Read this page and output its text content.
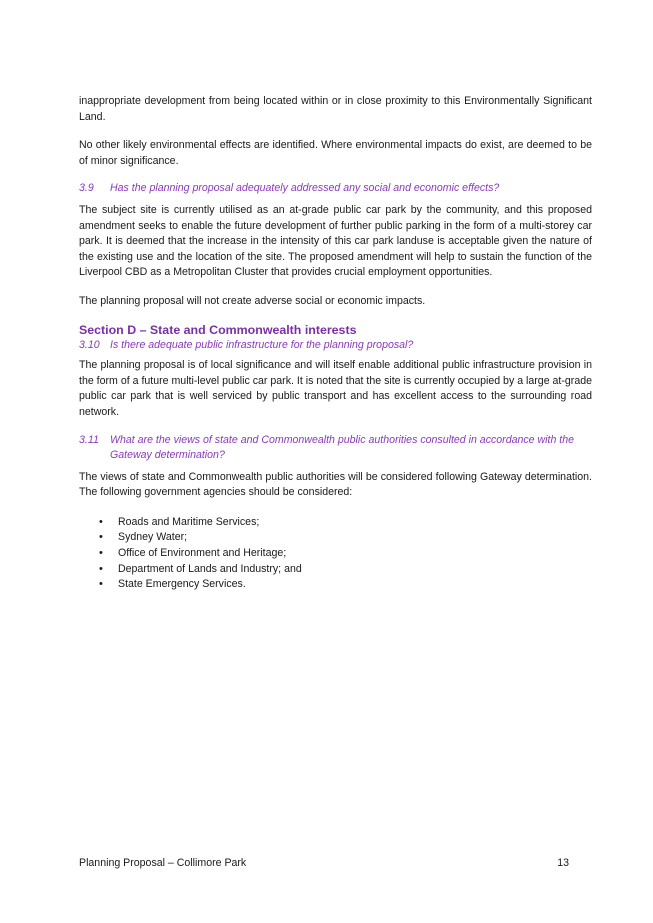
inappropriate development from being located within or in close proximity to this Environmentally Significant Land.

No other likely environmental effects are identified. Where environmental impacts do exist, are deemed to be of minor significance.

3.9	Has the planning proposal adequately addressed any social and economic effects?

The subject site is currently utilised as an at-grade public car park by the community, and this proposed amendment seeks to enable the future development of further public parking in the form of a multi-storey car park. It is deemed that the increase in the intensity of this car park landuse is acceptable given the nature of the existing use and the location of the site. The proposed amendment will help to sustain the function of the Liverpool CBD as a Metropolitan Cluster that provides crucial employment opportunities.

The planning proposal will not create adverse social or economic impacts.

Section D – State and Commonwealth interests
3.10 Is there adequate public infrastructure for the planning proposal?

The planning proposal is of local significance and will itself enable additional public infrastructure provision in the form of a future multi-level public car park. It is noted that the site is currently occupied by a large at-grade public car park that is well serviced by public transport and has excellent access to the surrounding road network.

3.11	What are the views of state and Commonwealth public authorities consulted in accordance with the Gateway determination?

The views of state and Commonwealth public authorities will be considered following Gateway determination. The following government agencies should be considered:

• Roads and Maritime Services;
• Sydney Water;
• Office of Environment and Heritage;
• Department of Lands and Industry; and
• State Emergency Services.
Planning Proposal – Collimore Park	13
